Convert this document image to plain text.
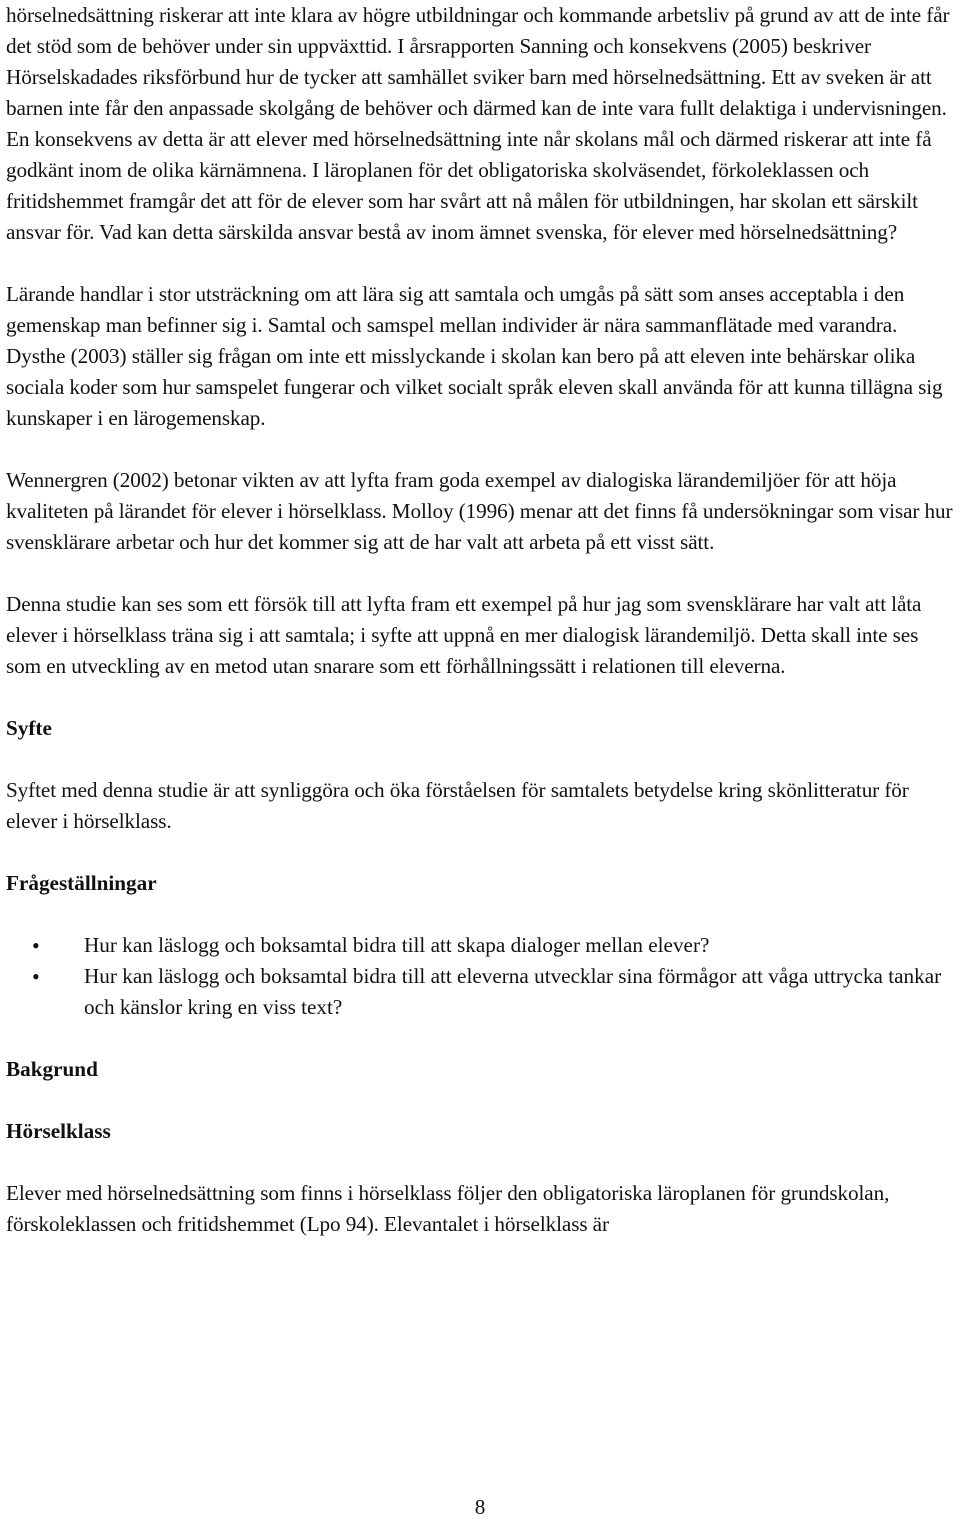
hörselnedsättning riskerar att inte klara av högre utbildningar och kommande arbetsliv på grund av att de inte får det stöd som de behöver under sin uppväxttid. I årsrapporten Sanning och konsekvens (2005) beskriver Hörselskadades riksförbund hur de tycker att samhället sviker barn med hörselnedsättning. Ett av sveken är att barnen inte får den anpassade skolgång de behöver och därmed kan de inte vara fullt delaktiga i undervisningen. En konsekvens av detta är att elever med hörselnedsättning inte når skolans mål och därmed riskerar att inte få godkänt inom de olika kärnämnena. I läroplanen för det obligatoriska skolväsendet, förkoleklassen och fritidshemmet framgår det att för de elever som har svårt att nå målen för utbildningen, har skolan ett särskilt ansvar för. Vad kan detta särskilda ansvar bestå av inom ämnet svenska, för elever med hörselnedsättning?

Lärande handlar i stor utsträckning om att lära sig att samtala och umgås på sätt som anses acceptabla i den gemenskap man befinner sig i. Samtal och samspel mellan individer är nära sammanflätade med varandra. Dysthe (2003) ställer sig frågan om inte ett misslyckande i skolan kan bero på att eleven inte behärskar olika sociala koder som hur samspelet fungerar och vilket socialt språk eleven skall använda för att kunna tillägna sig kunskaper i en lärogemenskap.

Wennergren (2002) betonar vikten av att lyfta fram goda exempel av dialogiska lärandemiljöer för att höja kvaliteten på lärandet för elever i hörselklass. Molloy (1996) menar att det finns få undersökningar som visar hur svensklärare arbetar och hur det kommer sig att de har valt att arbeta på ett visst sätt.

Denna studie kan ses som ett försök till att lyfta fram ett exempel på hur jag som svensklärare har valt att låta elever i hörselklass träna sig i att samtala; i syfte att uppnå en mer dialogisk lärandemiljö. Detta skall inte ses som en utveckling av en metod utan snarare som ett förhållningssätt i relationen till eleverna.

Syfte

Syftet med denna studie är att synliggöra och öka förståelsen för samtalets betydelse kring skönlitteratur för elever i hörselklass.

Frågeställningar
• Hur kan läslogg och boksamtal bidra till att skapa dialoger mellan elever?
• Hur kan läslogg och boksamtal bidra till att eleverna utvecklar sina förmågor att våga uttrycka tankar och känslor kring en viss text?
Bakgrund
Hörselklass

Elever med hörselnedsättning som finns i hörselklass följer den obligatoriska läroplanen för grundskolan, förskoleklassen och fritidshemmet (Lpo 94). Elevantalet i hörselklass är

8
